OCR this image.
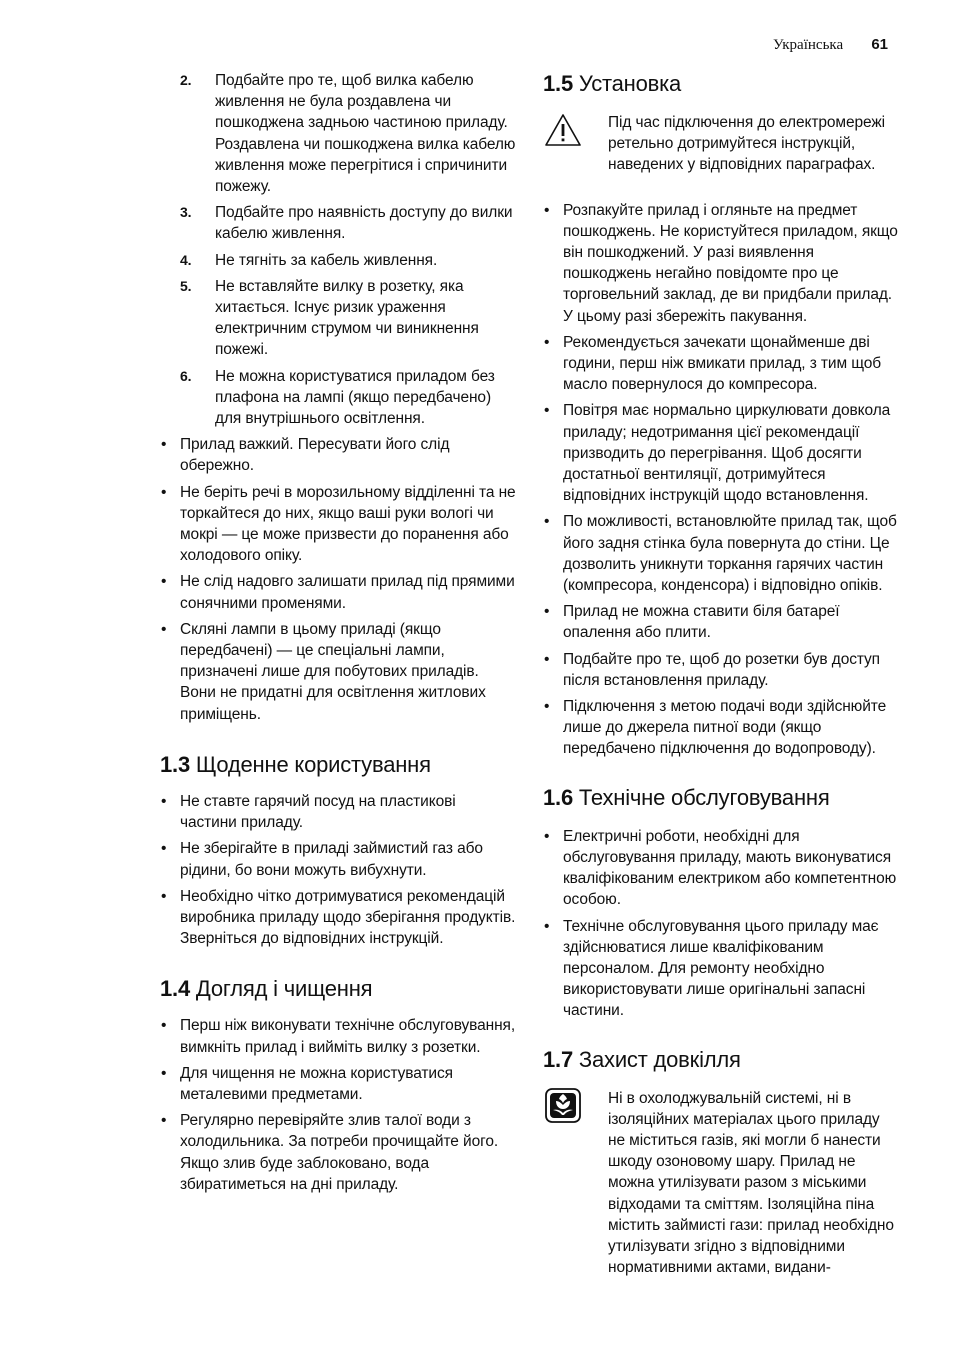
Українська 61
2. Подбайте про те, щоб вилка кабелю живлення не була роздавлена чи пошкоджена задньою частиною приладу. Роздавлена чи пошкоджена вилка кабелю живлення може перегрітися і спричинити пожежу.
3. Подбайте про наявність доступу до вилки кабелю живлення.
4. Не тягніть за кабель живлення.
5. Не вставляйте вилку в розетку, яка хитається. Існує ризик ураження електричним струмом чи виникнення пожежі.
6. Не можна користуватися приладом без плафона на лампі (якщо передбачено) для внутрішнього освітлення.
• Прилад важкий. Пересувати його слід обережно.
• Не беріть речі в морозильному відділенні та не торкайтеся до них, якщо ваші руки вологі чи мокрі — це може призвести до поранення або холодового опіку.
• Не слід надовго залишати прилад під прямими сонячними променями.
• Скляні лампи в цьому приладі (якщо передбачені) — це спеціальні лампи, призначені лише для побутових приладів. Вони не придатні для освітлення житлових приміщень.
1.3 Щоденне користування
• Не ставте гарячий посуд на пластикові частини приладу.
• Не зберігайте в приладі займистий газ або рідини, бо вони можуть вибухнути.
• Необхідно чітко дотримуватися рекомендацій виробника приладу щодо зберігання продуктів. Зверніться до відповідних інструкцій.
1.4 Догляд і чищення
• Перш ніж виконувати технічне обслуговування, вимкніть прилад і вийміть вилку з розетки.
• Для чищення не можна користуватися металевими предметами.
• Регулярно перевіряйте злив талої води з холодильника. За потреби прочищайте його. Якщо злив буде заблоковано, вода збиратиметься на дні приладу.
1.5 Установка
Під час підключення до електромережі ретельно дотримуйтеся інструкцій, наведених у відповідних параграфах.
• Розпакуйте прилад і огляньте на предмет пошкоджень. Не користуйтеся приладом, якщо він пошкоджений. У разі виявлення пошкоджень негайно повідомте про це торговельний заклад, де ви придбали прилад. У цьому разі збережіть пакування.
• Рекомендується зачекати щонайменше дві години, перш ніж вмикати прилад, з тим щоб масло повернулося до компресора.
• Повітря має нормально циркулювати довкола приладу; недотримання цієї рекомендації призводить до перегрівання. Щоб досягти достатньої вентиляції, дотримуйтеся відповідних інструкцій щодо встановлення.
• По можливості, встановлюйте прилад так, щоб його задня стінка була повернута до стіни. Це дозволить уникнути торкання гарячих частин (компресора, конденсора) і відповідно опіків.
• Прилад не можна ставити біля батареї опалення або плити.
• Подбайте про те, щоб до розетки був доступ після встановлення приладу.
• Підключення з метою подачі води здійснюйте лише до джерела питної води (якщо передбачено підключення до водопроводу).
1.6 Технічне обслуговування
• Електричні роботи, необхідні для обслуговування приладу, мають виконуватися кваліфікованим електриком або компетентною особою.
• Технічне обслуговування цього приладу має здійснюватися лише кваліфікованим персоналом. Для ремонту необхідно використовувати лише оригінальні запасні частини.
1.7 Захист довкілля
Ні в охолоджувальній системі, ні в ізоляційних матеріалах цього приладу не міститься газів, які могли б нанести шкоду озоновому шару. Прилад не можна утилізувати разом з міськими відходами та сміттям. Ізоляційна піна містить займисті гази: прилад необхідно утилізувати згідно з відповідними нормативними актами, видани-
